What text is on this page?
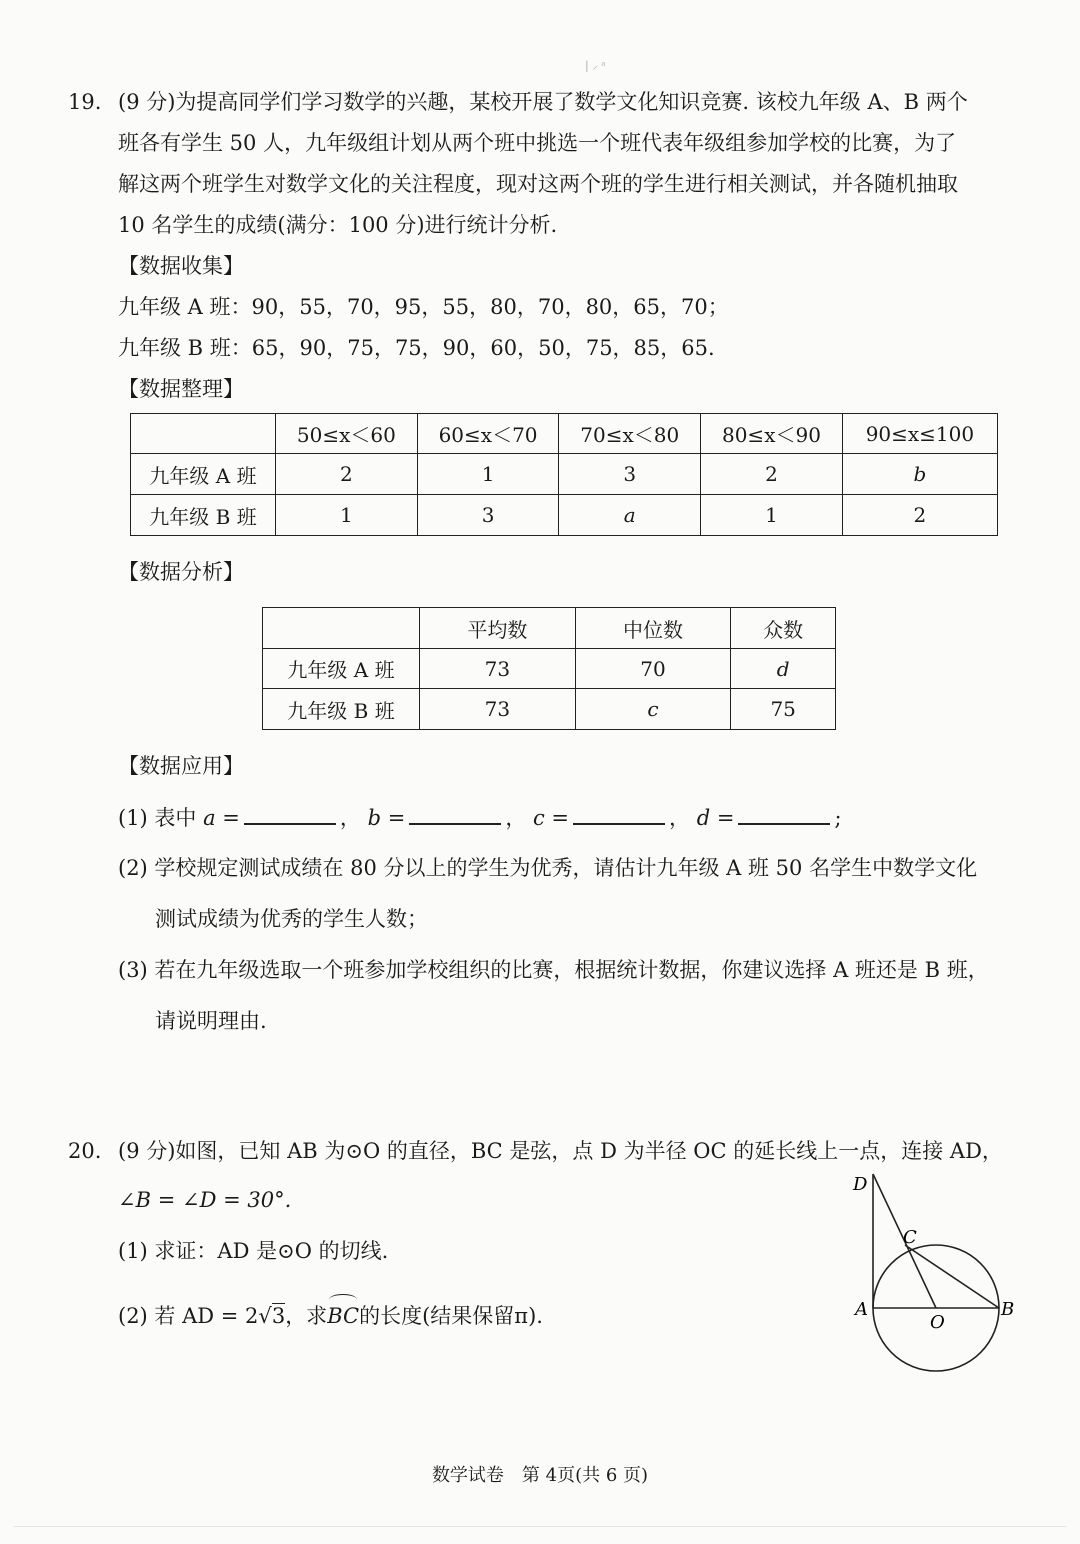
| ⸝ ᵃ
19. (9 分)为提高同学们学习数学的兴趣，某校开展了数学文化知识竞赛. 该校九年级 A、B 两个
班各有学生 50 人，九年级组计划从两个班中挑选一个班代表年级组参加学校的比赛，为了
解这两个班学生对数学文化的关注程度，现对这两个班的学生进行相关测试，并各随机抽取
10 名学生的成绩(满分：100 分)进行统计分析.
【数据收集】
九年级 A 班：90，55，70，95，55，80，70，80，65，70；
九年级 B 班：65，90，75，75，90，60，50，75，85，65.
【数据整理】
	50≤x＜60	60≤x＜70	70≤x＜80	80≤x＜90	90≤x≤100
九年级 A 班	2	1	3	2	b
九年级 B 班	1	3	a	1	2
【数据分析】
	平均数	中位数	众数
九年级 A 班	73	70	d
九年级 B 班	73	c	75
【数据应用】
(1) 表中 a =	， b =	， c =	， d =	;
(2) 学校规定测试成绩在 80 分以上的学生为优秀，请估计九年级 A 班 50 名学生中数学文化
测试成绩为优秀的学生人数；
(3) 若在九年级选取一个班参加学校组织的比赛，根据统计数据，你建议选择 A 班还是 B 班，
请说明理由.
20. (9 分)如图，已知 AB 为⊙O 的直径，BC 是弦，点 D 为半径 OC 的延长线上一点，连接 AD，
∠B = ∠D = 30°.
(1) 求证：AD 是⊙O 的切线.
(2) 若 AD = 2√3，求
BC的长度(结果保留π).
D
C
A
O
B
数学试卷　第 4页(共 6 页)
